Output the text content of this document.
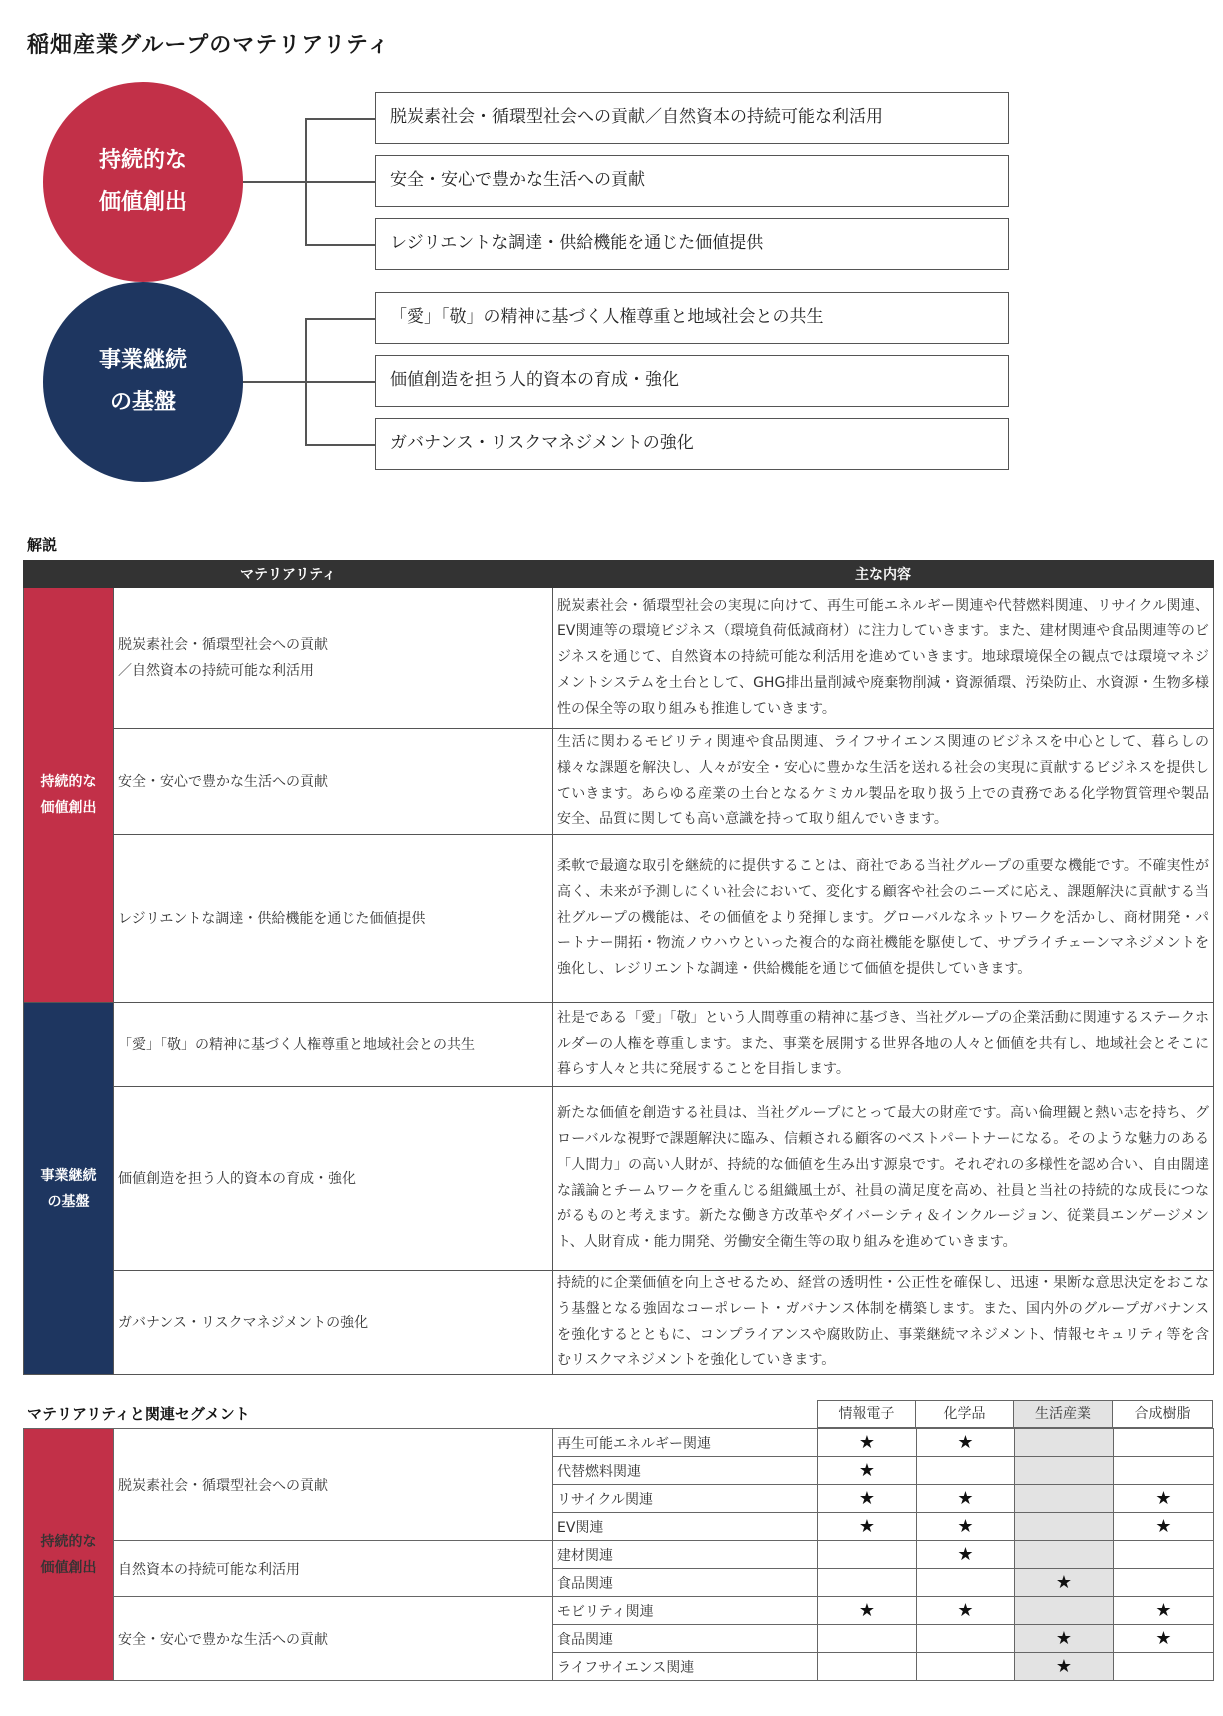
稲畑産業グループのマテリアリティ
持続的な
価値創出
事業継続
の基盤
脱炭素社会・循環型社会への貢献／自然資本の持続可能な利活用
安全・安心で豊かな生活への貢献
レジリエントな調達・供給機能を通じた価値提供
「愛」「敬」の精神に基づく人権尊重と地域社会との共生
価値創造を担う人的資本の育成・強化
ガバナンス・リスクマネジメントの強化
解説
マテリアリティ		主な内容
持続的な
価値創出	脱炭素社会・循環型社会への貢献
／自然資本の持続可能な利活用	脱炭素社会・循環型社会の実現に向けて、再生可能エネルギー関連や代替燃料関連、リサイクル関連、EV関連等の環境ビジネス（環境負荷低減商材）に注力していきます。また、建材関連や食品関連等のビジネスを通じて、自然資本の持続可能な利活用を進めていきます。地球環境保全の観点では環境マネジメントシステムを土台として、GHG排出量削減や廃棄物削減・資源循環、汚染防止、水資源・生物多様性の保全等の取り組みも推進していきます。
	安全・安心で豊かな生活への貢献	生活に関わるモビリティ関連や食品関連、ライフサイエンス関連のビジネスを中心として、暮らしの様々な課題を解決し、人々が安全・安心に豊かな生活を送れる社会の実現に貢献するビジネスを提供していきます。あらゆる産業の土台となるケミカル製品を取り扱う上での責務である化学物質管理や製品安全、品質に関しても高い意識を持って取り組んでいきます。
	レジリエントな調達・供給機能を通じた価値提供	柔軟で最適な取引を継続的に提供することは、商社である当社グループの重要な機能です。不確実性が高く、未来が予測しにくい社会において、変化する顧客や社会のニーズに応え、課題解決に貢献する当社グループの機能は、その価値をより発揮します。グローバルなネットワークを活かし、商材開発・パートナー開拓・物流ノウハウといった複合的な商社機能を駆使して、サプライチェーンマネジメントを強化し、レジリエントな調達・供給機能を通じて価値を提供していきます。
事業継続
の基盤	「愛」「敬」の精神に基づく人権尊重と地域社会との共生	社是である「愛」「敬」という人間尊重の精神に基づき、当社グループの企業活動に関連するステークホルダーの人権を尊重します。また、事業を展開する世界各地の人々と価値を共有し、地域社会とそこに暮らす人々と共に発展することを目指します。
	価値創造を担う人的資本の育成・強化	新たな価値を創造する社員は、当社グループにとって最大の財産です。高い倫理観と熱い志を持ち、グローバルな視野で課題解決に臨み、信頼される顧客のベストパートナーになる。そのような魅力のある「人間力」の高い人財が、持続的な価値を生み出す源泉です。それぞれの多様性を認め合い、自由闊達な議論とチームワークを重んじる組織風土が、社員の満足度を高め、社員と当社の持続的な成長につながるものと考えます。新たな働き方改革やダイバーシティ＆インクルージョン、従業員エンゲージメント、人財育成・能力開発、労働安全衛生等の取り組みを進めていきます。
	ガバナンス・リスクマネジメントの強化	持続的に企業価値を向上させるため、経営の透明性・公正性を確保し、迅速・果断な意思決定をおこなう基盤となる強固なコーポレート・ガバナンス体制を構築します。また、国内外のグループガバナンスを強化するとともに、コンプライアンスや腐敗防止、事業継続マネジメント、情報セキュリティ等を含むリスクマネジメントを強化していきます。
マテリアリティと関連セグメント	情報電子	化学品	生活産業	合成樹脂
持続的な
価値創出	脱炭素社会・循環型社会への貢献	再生可能エネルギー関連	★	★		
		代替燃料関連	★			
		リサイクル関連	★	★		★
		EV関連	★	★		★
	自然資本の持続可能な利活用	建材関連		★		
		食品関連			★	
	安全・安心で豊かな生活への貢献	モビリティ関連	★	★		★
		食品関連			★	★
		ライフサイエンス関連			★	
